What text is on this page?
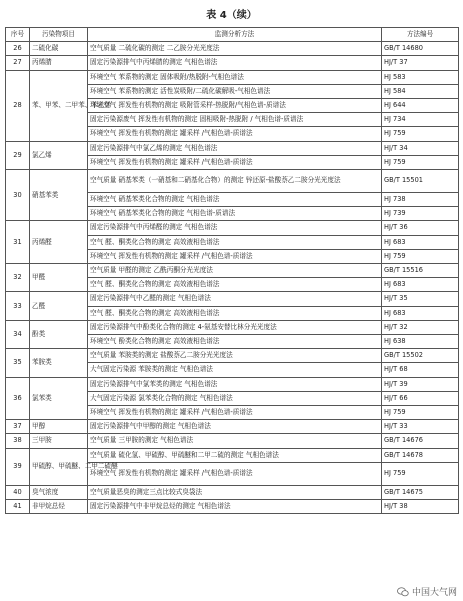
表 4（续）
序号	污染物项目	监测分析方法	方法编号
26	二硫化碳	空气质量 二硫化碳的测定 二乙胺分光光度法	GB/T 14680
27	丙烯腈	固定污染源排气中丙烯腈的测定 气相色谱法	HJ/T 37
28	苯、甲苯、二甲苯、苯乙烯	环境空气 苯系物的测定 固体吸附/热脱附-气相色谱法	HJ 583
		环境空气 苯系物的测定 活性炭吸附/二硫化碳解吸-气相色谱法	HJ 584
		环境空气 挥发性有机物的测定 吸附管采样-热脱附/气相色谱-质谱法	HJ 644
		固定污染源废气 挥发性有机物的测定 固相吸附-热脱附 / 气相色谱-质谱法	HJ 734
		环境空气 挥发性有机物的测定 罐采样 /气相色谱-质谱法	HJ 759
29	氯乙烯	固定污染源排气中氯乙烯的测定 气相色谱法	HJ/T 34
		环境空气 挥发性有机物的测定 罐采样 /气相色谱-质谱法	HJ 759
30	硝基苯类	空气质量 硝基苯类（一硝基和二硝基化合物）的测定 锌还原-盐酸萘乙二胺分光光度法	GB/T 15501
		环境空气 硝基苯类化合物的测定 气相色谱法	HJ 738
		环境空气 硝基苯类化合物的测定 气相色谱-质谱法	HJ 739
31	丙烯醛	固定污染源排气中丙烯醛的测定 气相色谱法	HJ/T 36
		空气 醛、酮类化合物的测定 高效液相色谱法	HJ 683
		环境空气 挥发性有机物的测定 罐采样 /气相色谱-质谱法	HJ 759
32	甲醛	空气质量 甲醛的测定 乙酰丙酮分光光度法	GB/T 15516
		空气 醛、酮类化合物的测定 高效液相色谱法	HJ 683
33	乙醛	固定污染源排气中乙醛的测定 气相色谱法	HJ/T 35
		空气 醛、酮类化合物的测定 高效液相色谱法	HJ 683
34	酚类	固定污染源排气中酚类化合物的测定 4-氨基安替比林分光光度法	HJ/T 32
		环境空气 酚类化合物的测定 高效液相色谱法	HJ 638
35	苯胺类	空气质量 苯胺类的测定 盐酸萘乙二胺分光光度法	GB/T 15502
		大气固定污染源 苯胺类的测定 气相色谱法	HJ/T 68
36	氯苯类	固定污染源排气中氯苯类的测定 气相色谱法	HJ/T 39
		大气固定污染源 氯苯类化合物的测定 气相色谱法	HJ/T 66
		环境空气 挥发性有机物的测定 罐采样 /气相色谱-质谱法	HJ 759
37	甲醇	固定污染源排气中甲醇的测定 气相色谱法	HJ/T 33
38	三甲胺	空气质量 三甲胺的测定 气相色谱法	GB/T 14676
39	甲硫醇、甲硫醚、二甲二硫醚	空气质量 硫化氢、甲硫醇、甲硫醚和二甲二硫的测定 气相色谱法	GB/T 14678
		环境空气 挥发性有机物的测定 罐采样 /气相色谱-质谱法	HJ 759
40	臭气浓度	空气质量恶臭的测定三点比较式臭袋法	GB/T 14675
41	非甲烷总烃	固定污染源排气中非甲烷总烃的测定 气相色谱法	HJ/T 38
中国大气网
